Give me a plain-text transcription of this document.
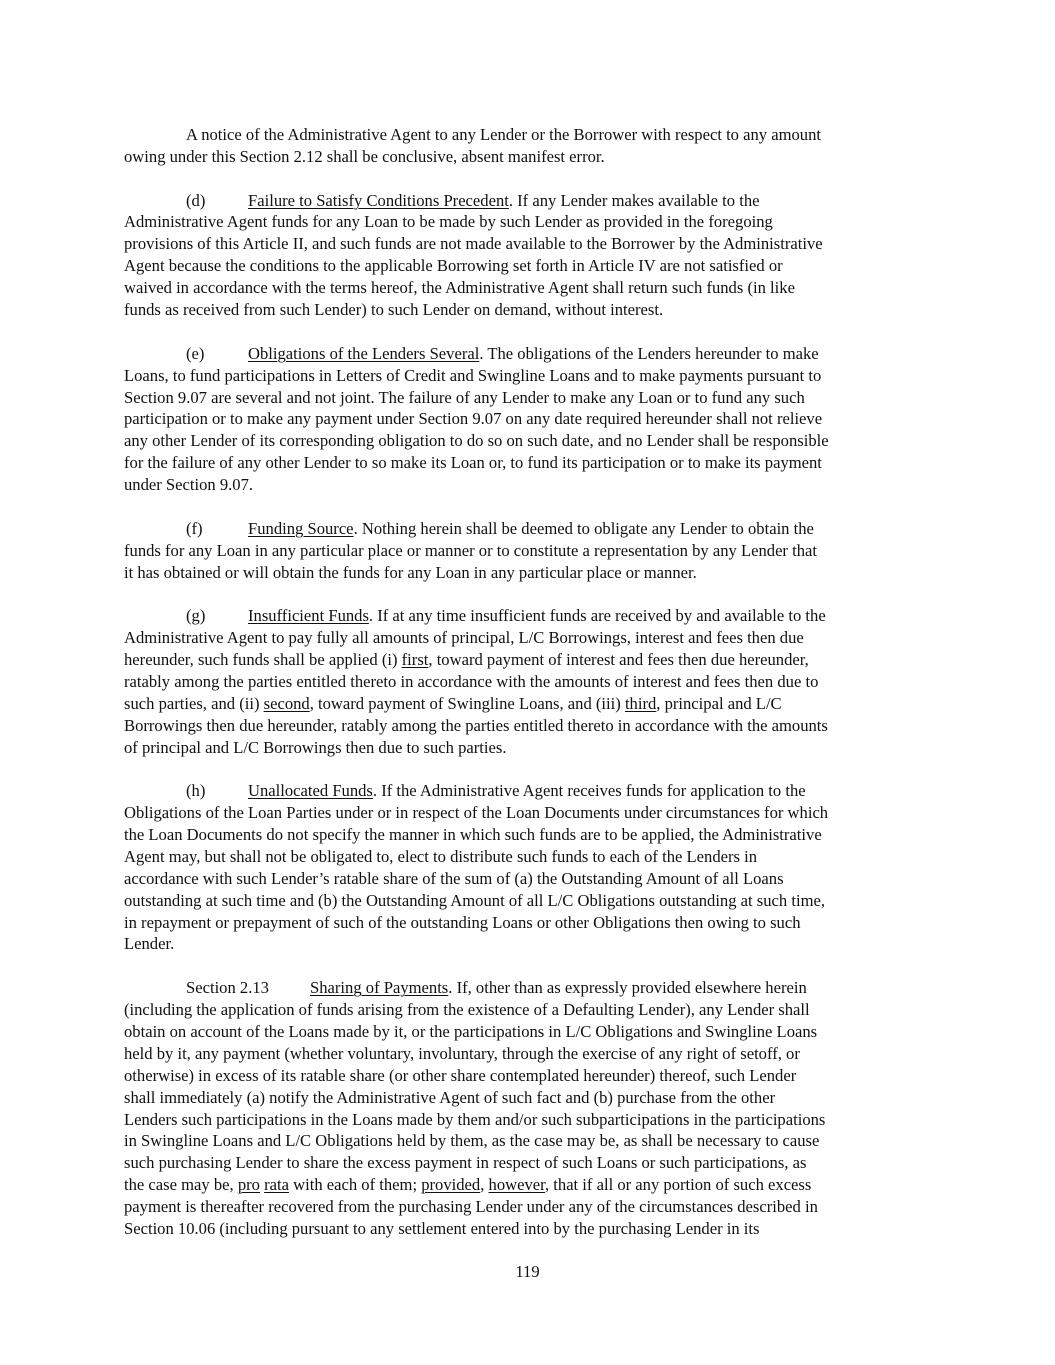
A notice of the Administrative Agent to any Lender or the Borrower with respect to any amount
owing under this Section 2.12 shall be conclusive, absent manifest error.
(d)	Failure to Satisfy Conditions Precedent. If any Lender makes available to the
Administrative Agent funds for any Loan to be made by such Lender as provided in the foregoing
provisions of this Article II, and such funds are not made available to the Borrower by the Administrative
Agent because the conditions to the applicable Borrowing set forth in Article IV are not satisfied or
waived in accordance with the terms hereof, the Administrative Agent shall return such funds (in like
funds as received from such Lender) to such Lender on demand, without interest.
(e)	Obligations of the Lenders Several. The obligations of the Lenders hereunder to make
Loans, to fund participations in Letters of Credit and Swingline Loans and to make payments pursuant to
Section 9.07 are several and not joint. The failure of any Lender to make any Loan or to fund any such
participation or to make any payment under Section 9.07 on any date required hereunder shall not relieve
any other Lender of its corresponding obligation to do so on such date, and no Lender shall be responsible
for the failure of any other Lender to so make its Loan or, to fund its participation or to make its payment
under Section 9.07.
(f)	Funding Source. Nothing herein shall be deemed to obligate any Lender to obtain the
funds for any Loan in any particular place or manner or to constitute a representation by any Lender that
it has obtained or will obtain the funds for any Loan in any particular place or manner.
(g)	Insufficient Funds. If at any time insufficient funds are received by and available to the
Administrative Agent to pay fully all amounts of principal, L/C Borrowings, interest and fees then due
hereunder, such funds shall be applied (i) first, toward payment of interest and fees then due hereunder,
ratably among the parties entitled thereto in accordance with the amounts of interest and fees then due to
such parties, and (ii) second, toward payment of Swingline Loans, and (iii) third, principal and L/C
Borrowings then due hereunder, ratably among the parties entitled thereto in accordance with the amounts
of principal and L/C Borrowings then due to such parties.
(h)	Unallocated Funds. If the Administrative Agent receives funds for application to the
Obligations of the Loan Parties under or in respect of the Loan Documents under circumstances for which
the Loan Documents do not specify the manner in which such funds are to be applied, the Administrative
Agent may, but shall not be obligated to, elect to distribute such funds to each of the Lenders in
accordance with such Lender’s ratable share of the sum of (a) the Outstanding Amount of all Loans
outstanding at such time and (b) the Outstanding Amount of all L/C Obligations outstanding at such time,
in repayment or prepayment of such of the outstanding Loans or other Obligations then owing to such
Lender.
Section 2.13 Sharing of Payments. If, other than as expressly provided elsewhere herein
(including the application of funds arising from the existence of a Defaulting Lender), any Lender shall
obtain on account of the Loans made by it, or the participations in L/C Obligations and Swingline Loans
held by it, any payment (whether voluntary, involuntary, through the exercise of any right of setoff, or
otherwise) in excess of its ratable share (or other share contemplated hereunder) thereof, such Lender
shall immediately (a) notify the Administrative Agent of such fact and (b) purchase from the other
Lenders such participations in the Loans made by them and/or such subparticipations in the participations
in Swingline Loans and L/C Obligations held by them, as the case may be, as shall be necessary to cause
such purchasing Lender to share the excess payment in respect of such Loans or such participations, as
the case may be, pro rata with each of them; provided, however, that if all or any portion of such excess
payment is thereafter recovered from the purchasing Lender under any of the circumstances described in
Section 10.06 (including pursuant to any settlement entered into by the purchasing Lender in its
119
